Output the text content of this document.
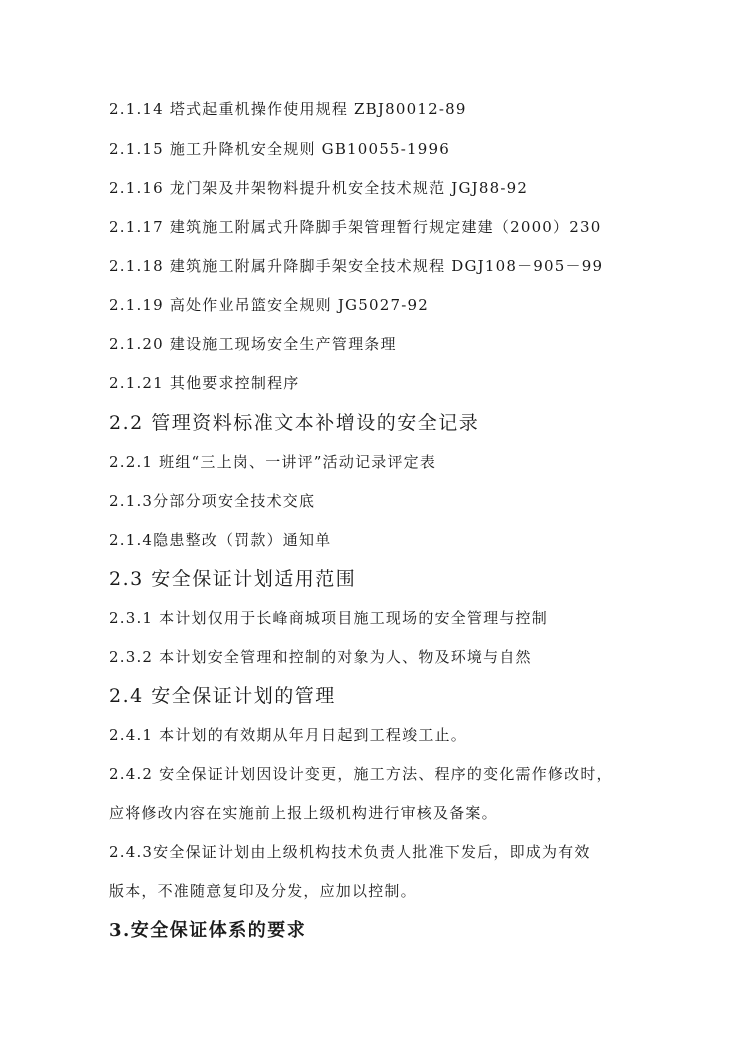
2.1.14 塔式起重机操作使用规程 ZBJ80012-89
2.1.15 施工升降机安全规则 GB10055-1996
2.1.16 龙门架及井架物料提升机安全技术规范 JGJ88-92
2.1.17 建筑施工附属式升降脚手架管理暂行规定建建（2000）230
2.1.18 建筑施工附属升降脚手架安全技术规程 DGJ108－905－99
2.1.19 高处作业吊篮安全规则 JG5027-92
2.1.20 建设施工现场安全生产管理条理
2.1.21 其他要求控制程序
2.2 管理资料标准文本补增设的安全记录
2.2.1 班组“三上岗、一讲评”活动记录评定表
2.1.3分部分项安全技术交底
2.1.4隐患整改（罚款）通知单
2.3 安全保证计划适用范围
2.3.1 本计划仅用于长峰商城项目施工现场的安全管理与控制
2.3.2 本计划安全管理和控制的对象为人、物及环境与自然
2.4 安全保证计划的管理
2.4.1 本计划的有效期从年月日起到工程竣工止。
2.4.2 安全保证计划因设计变更，施工方法、程序的变化需作修改时，
应将修改内容在实施前上报上级机构进行审核及备案。
2.4.3安全保证计划由上级机构技术负责人批准下发后，即成为有效
版本，不准随意复印及分发，应加以控制。
3.安全保证体系的要求
